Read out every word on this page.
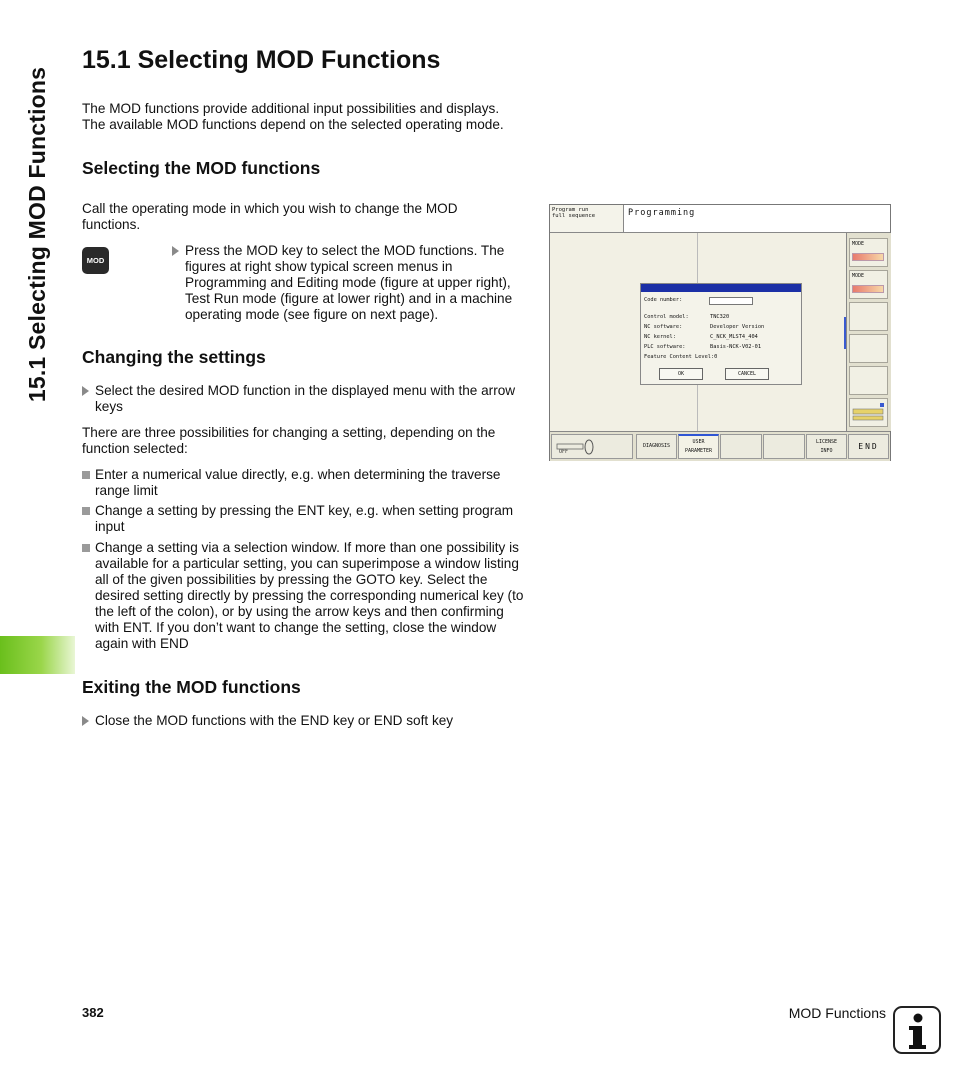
15.1 Selecting MOD Functions
15.1 Selecting MOD Functions

The MOD functions provide additional input possibilities and displays.
The available MOD functions depend on the selected operating mode.

Selecting the MOD functions

Call the operating mode in which you wish to change the MOD functions.

MOD
Press the MOD key to select the MOD functions. The figures at right show typical screen menus in Programming and Editing mode (figure at upper right), Test Run mode (figure at lower right) and in a machine operating mode (see figure on next page).
Changing the settings
Select the desired MOD function in the displayed menu with the arrow keys

There are three possibilities for changing a setting, depending on the function selected:

Enter a numerical value directly, e.g. when determining the traverse range limit
Change a setting by pressing the ENT key, e.g. when setting program input
Change a setting via a selection window. If more than one possibility is available for a particular setting, you can superimpose a window listing all of the given possibilities by pressing the GOTO key. Select the desired setting directly by pressing the corresponding numerical key (to the left of the colon), or by using the arrow keys and then confirming with ENT. If you don’t want to change the setting, close the window again with END
Exiting the MOD functions
Close the MOD functions with the END key or END soft key
Program run
full sequence	Programming
Code number:
Control model:	TNC320
NC software:	Developer Version
NC kernel:	C_NCK_MLST4_404
PLC software:	Basis-NCK-V02-01
Feature Content Level:0
OK	CANCEL
MODE
MODE
OFF
DIAGNOSIS
USER
PARAMETER
LICENSE
INFO	END
382	MOD Functions
